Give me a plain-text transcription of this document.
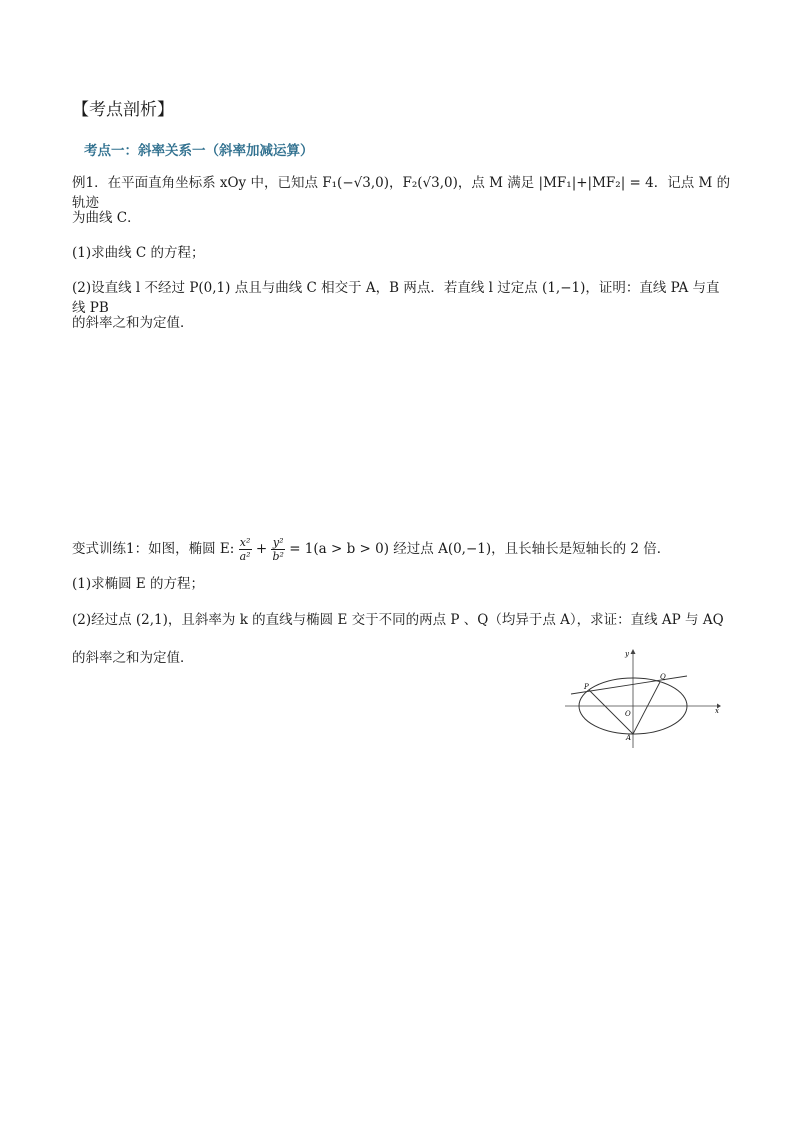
【考点剖析】
考点一：斜率关系一（斜率加减运算）
例1．在平面直角坐标系 xOy 中，已知点 F₁(−√3,0)，F₂(√3,0)，点 M 满足 |MF₁|+|MF₂| = 4．记点 M 的轨迹
为曲线 C．
(1)求曲线 C 的方程；
(2)设直线 l 不经过 P(0,1) 点且与曲线 C 相交于 A，B 两点．若直线 l 过定点 (1,−1)，证明：直线 PA 与直线 PB
的斜率之和为定值．
变式训练1：如图，椭圆 E: $\frac{\text{x²}}{\text{a²}} + \frac{\text{y²}}{\text{b²}} = 1(a > b > 0)$ 经过点 A(0,−1)，且长轴长是短轴长的 2 倍．
(1)求椭圆 E 的方程；
(2)经过点 (2,1)，且斜率为 k 的直线与椭圆 E 交于不同的两点 P 、Q（均异于点 A），求证：直线 AP 与 AQ
的斜率之和为定值．	y
x
O
P
Q
A
